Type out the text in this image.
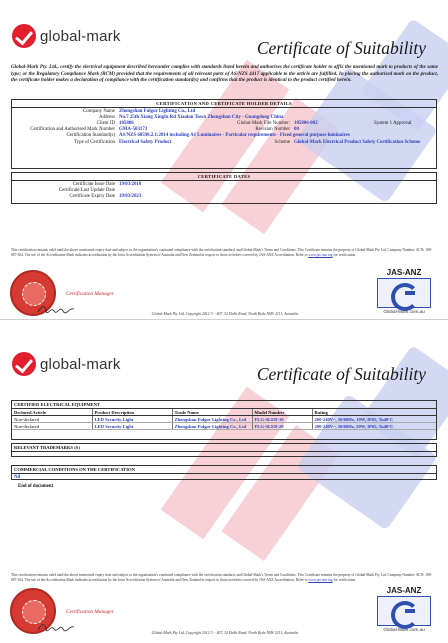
global-mark
Certificate of Suitability
Global-Mark Pty. Ltd., certify the electrical equipment described hereunder complies with standards listed herein and authorises the certificate holder to affix the mentioned mark to products of the same type; or the Regulatory Compliance Mark (RCM) provided that the requirements of all relevant parts of AS/NZS 4417 applicable to the article are fulfilled. In placing the authorised mark on the product, the certificate holder makes a declaration of compliance with the certification standard(s) and confirms that the product is identical to the product certified herein.
CERTIFICATION AND CERTIFICATE HOLDER DETAILS
Company Name	Zhongshan Fulgor Lighting Co., Ltd			
Address	No.7 25th Xiang Xingfu Rd Xiaolan Town Zhongshan City - Guangdong China			
Client ID	105806	Global-Mark File Number:	105806-002	System 1 Approval
Certification and Authorised Mark Number	GMA-503173	Revision Number	00	
Certification Standard(s)	AS/NZS 60598.2.1:2014 including A1 Luminaires - Particular requirements - Fixed general purpose luminaires			
Type of Certification	Electrical Safety Product	Scheme	Global-Mark Electrical Product Safety Certification Scheme	
CERTIFICATE DATES
Certificate Issue Date	19/03/2018
Certificate Last Update Date	
Certificate Expiry Date	19/03/2023
This certification remains valid until the above mentioned expiry date and subject to the organisation's continued compliance with the certification standard, and Global-Mark's Terms and Conditions. This Certificate remains the property of Global-Mark Pty Ltd, Company Number: ACN: 108-087-654. The use of the Accreditation Mark indicates accreditation by the Joint Accreditation System of Australia and New Zealand in respect to those activities covered by JAS-ANZ Accreditation. Refer to www.jas-anz.org for verification.
Certification Manager
Global-Mark Pty Ltd, Copyright 2012 © - 407, 32 Delhi Road, North Ryde NSW 2113, Australia
JAS-ANZ
Global-Mark.com.au
global-mark	Certificate of Suitability
CERTIFIED ELECTRICAL EQUIPMENT
Declared Article	Product Description	Trade Name	Model Number	Rating
Non-declared	LED Security Light	Zhongshan Fulgor Lighting Co., Ltd	FLG-SLED-10	200-240V~, 50/60Hz, 10W, IP65, Ta40°C
Non-declared	LED Security Light	Zhongshan Fulgor Lighting Co., Ltd	FLG-SLED-20	200-240V~, 50/60Hz, 20W, IP65, Ta40°C
RELEVANT TRADEMARKS (S)
COMMERCIAL CONDITIONS ON THE CERTIFICATION
Nil
End of document
This certification remains valid until the above mentioned expiry date and subject to the organisation's continued compliance with the certification standard, and Global-Mark's Terms and Conditions. This Certificate remains the property of Global-Mark Pty Ltd, Company Number: ACN: 108-087-654. The use of the Accreditation Mark indicates accreditation by the Joint Accreditation System of Australia and New Zealand in respect to those activities covered by JAS-ANZ Accreditation. Refer to www.jas-anz.org for verification.
Certification Manager
Global-Mark Pty Ltd, Copyright 2012 © - 407, 32 Delhi Road, North Ryde NSW 2113, Australia
JAS-ANZ
Global-Mark.com.au
